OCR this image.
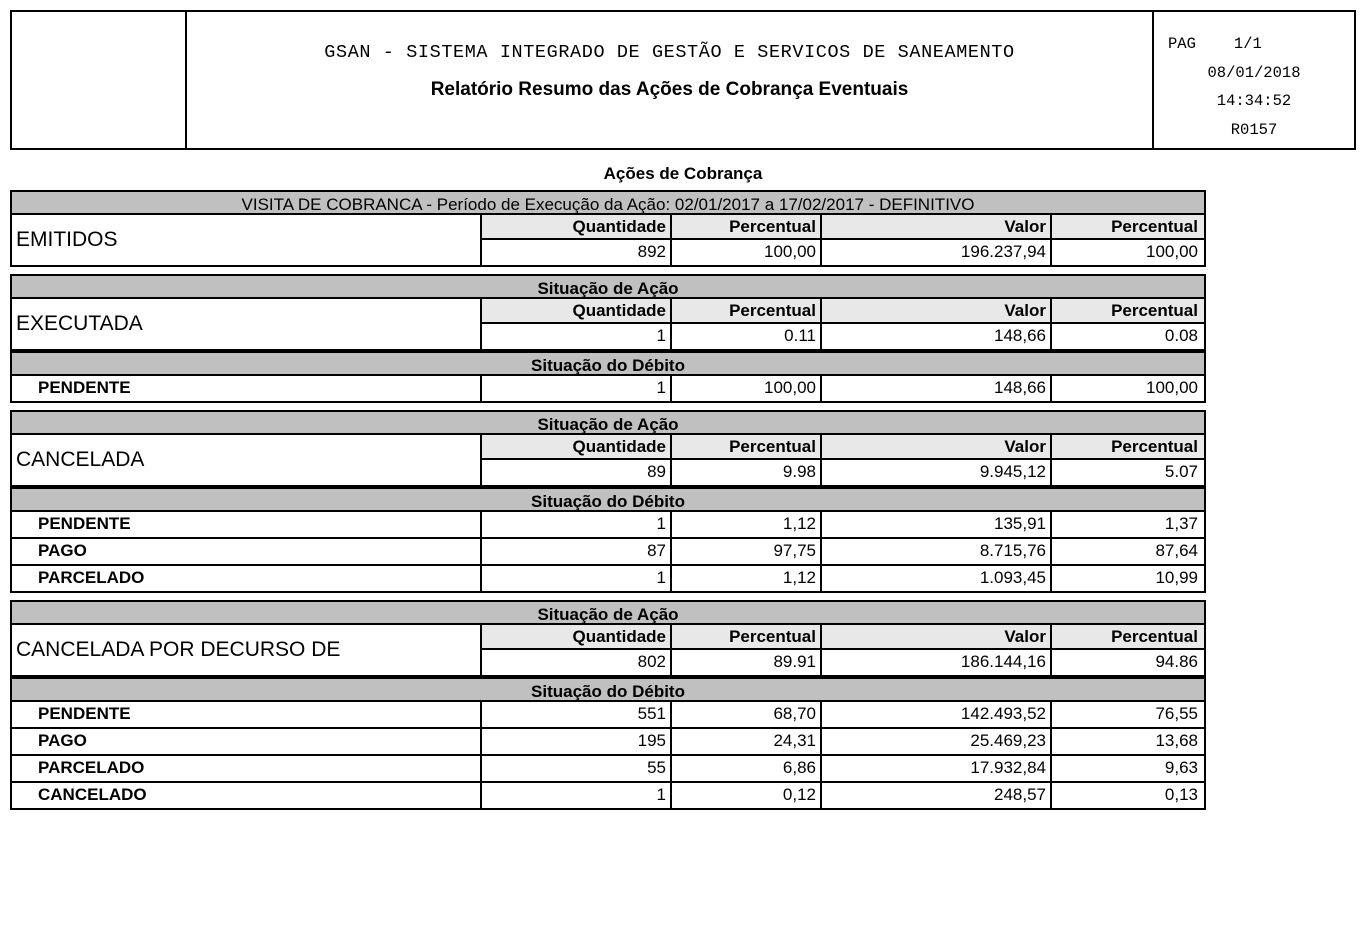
GSAN - SISTEMA INTEGRADO DE GESTÃO E SERVICOS DE SANEAMENTO
Relatório Resumo das Ações de Cobrança Eventuais
PAG 1/1
08/01/2018
14:34:52
R0157
Ações de Cobrança
VISITA DE COBRANCA - Período de Execução da Ação: 02/01/2017 a 17/02/2017 - DEFINITIVO
EMITIDOS
Quantidade	Percentual	Valor	Percentual
892	100,00	196.237,94	100,00
Situação de Ação
EXECUTADA
Quantidade	Percentual	Valor	Percentual
1	0.11	148,66	0.08
Situação do Débito
PENDENTE	1	100,00	148,66	100,00
Situação de Ação
CANCELADA
Quantidade	Percentual	Valor	Percentual
89	9.98	9.945,12	5.07
Situação do Débito
PENDENTE	1	1,12	135,91	1,37
PAGO	87	97,75	8.715,76	87,64
PARCELADO	1	1,12	1.093,45	10,99
Situação de Ação
CANCELADA POR DECURSO DE
Quantidade	Percentual	Valor	Percentual
802	89.91	186.144,16	94.86
Situação do Débito
PENDENTE	551	68,70	142.493,52	76,55
PAGO	195	24,31	25.469,23	13,68
PARCELADO	55	6,86	17.932,84	9,63
CANCELADO	1	0,12	248,57	0,13
